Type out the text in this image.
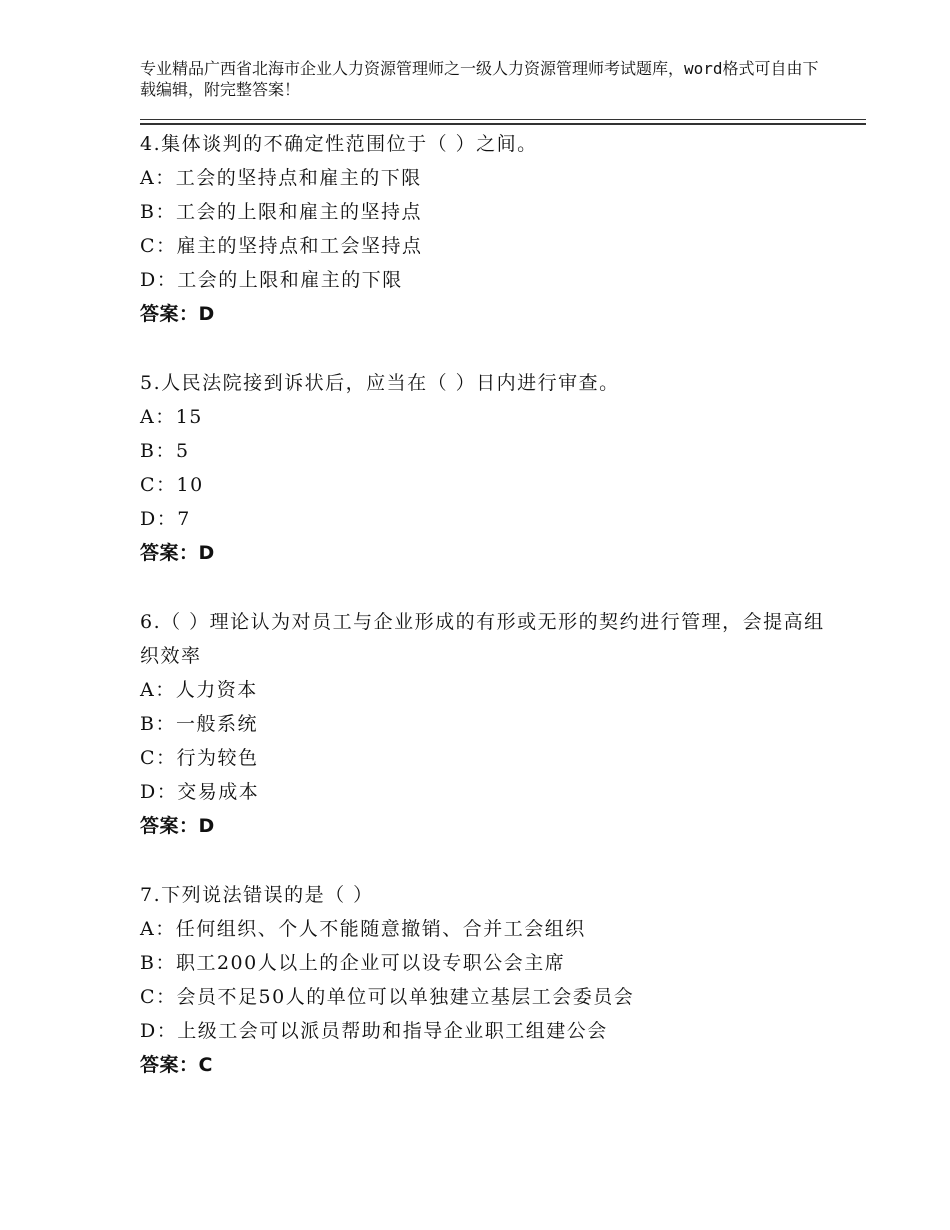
专业精品广西省北海市企业人力资源管理师之一级人力资源管理师考试题库，word格式可自由下载编辑，附完整答案！
4.集体谈判的不确定性范围位于（ ）之间。
A：工会的坚持点和雇主的下限
B：工会的上限和雇主的坚持点
C：雇主的坚持点和工会坚持点
D：工会的上限和雇主的下限
答案：D
5.人民法院接到诉状后，应当在（ ）日内进行审查。
A：15
B：5
C：10
D：7
答案：D
6.（ ）理论认为对员工与企业形成的有形或无形的契约进行管理，会提高组织效率
A：人力资本
B：一般系统
C：行为较色
D：交易成本
答案：D
7.下列说法错误的是（ ）
A：任何组织、个人不能随意撤销、合并工会组织
B：职工200人以上的企业可以设专职公会主席
C：会员不足50人的单位可以单独建立基层工会委员会
D：上级工会可以派员帮助和指导企业职工组建公会
答案：C
